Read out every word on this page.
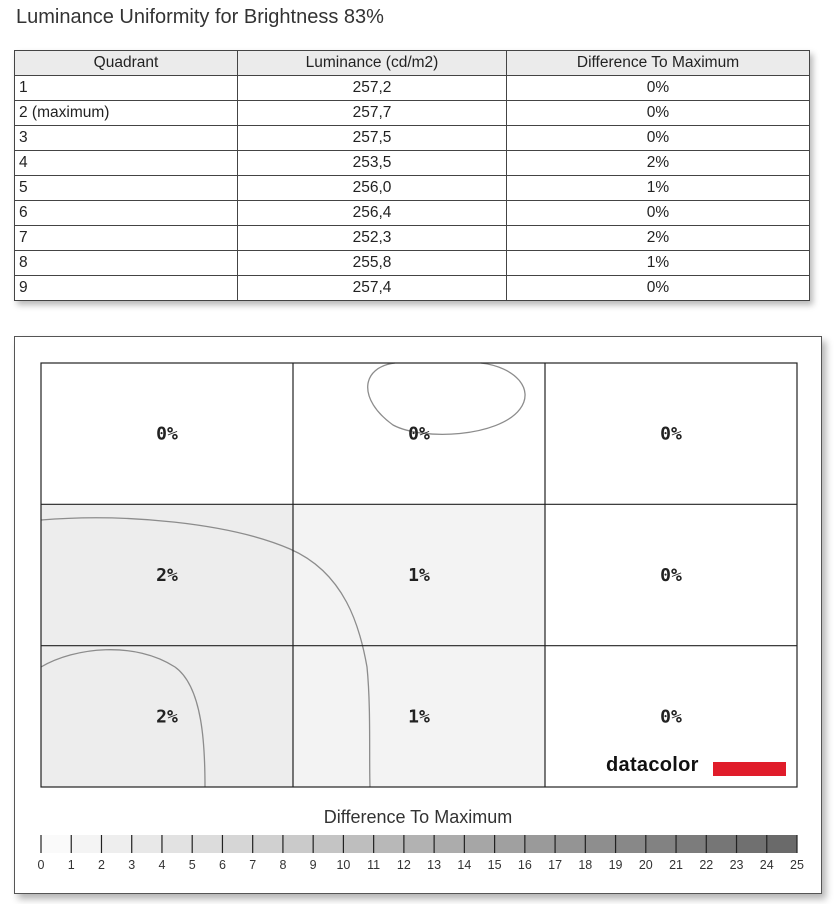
Luminance Uniformity for Brightness 83%
Quadrant	Luminance (cd/m2)	Difference To Maximum
1	257,2	0%
2 (maximum)	257,7	0%
3	257,5	0%
4	253,5	2%
5	256,0	1%
6	256,4	0%
7	252,3	2%
8	255,8	1%
9	257,4	0%
0%	0%	0%
2%	1%	0%
2%	1%	0%
0 1 2 3 4 5 6 7 8 9 10 11 12 13 14 15 16 17 18 19 20 21 22 23 24 25
datacolor
Difference To Maximum
